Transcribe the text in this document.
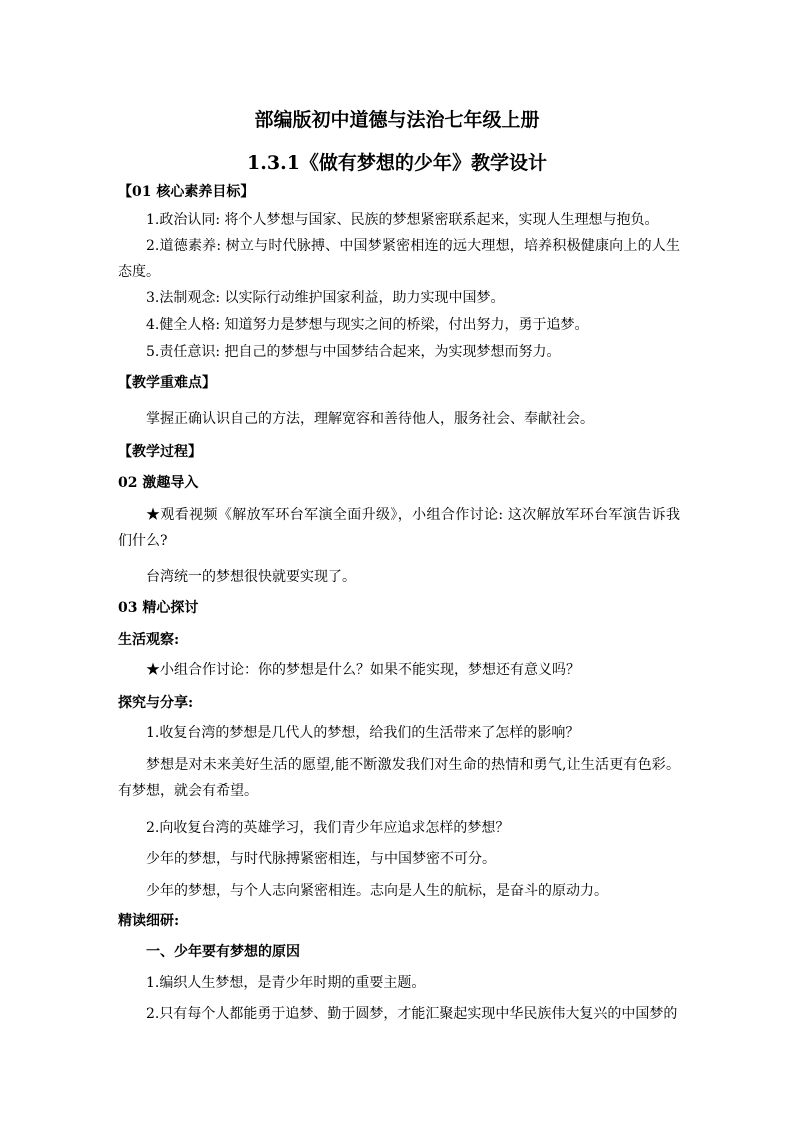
部编版初中道德与法治七年级上册
1.3.1《做有梦想的少年》教学设计
【01 核心素养目标】
1.政治认同: 将个人梦想与国家、民族的梦想紧密联系起来，实现人生理想与抱负。
2.道德素养: 树立与时代脉搏、中国梦紧密相连的远大理想，培养积极健康向上的人生态度。
3.法制观念: 以实际行动维护国家利益，助力实现中国梦。
4.健全人格: 知道努力是梦想与现实之间的桥梁，付出努力，勇于追梦。
5.责任意识: 把自己的梦想与中国梦结合起来，为实现梦想而努力。
【教学重难点】
掌握正确认识自己的方法，理解宽容和善待他人，服务社会、奉献社会。
【教学过程】
02 激趣导入
★观看视频《解放军环台军演全面升级》，小组合作讨论: 这次解放军环台军演告诉我们什么?
台湾统一的梦想很快就要实现了。
03 精心探讨
生活观察:
★小组合作讨论：你的梦想是什么？如果不能实现，梦想还有意义吗？
探究与分享:
1.收复台湾的梦想是几代人的梦想，给我们的生活带来了怎样的影响？
梦想是对未来美好生活的愿望,能不断激发我们对生命的热情和勇气,让生活更有色彩。有梦想，就会有希望。
2.向收复台湾的英雄学习，我们青少年应追求怎样的梦想？
少年的梦想，与时代脉搏紧密相连，与中国梦密不可分。
少年的梦想，与个人志向紧密相连。志向是人生的航标，是奋斗的原动力。
精读细研:
一、少年要有梦想的原因
1.编织人生梦想，是青少年时期的重要主题。
2.只有每个人都能勇于追梦、勤于圆梦，才能汇聚起实现中华民族伟大复兴的中国梦的
